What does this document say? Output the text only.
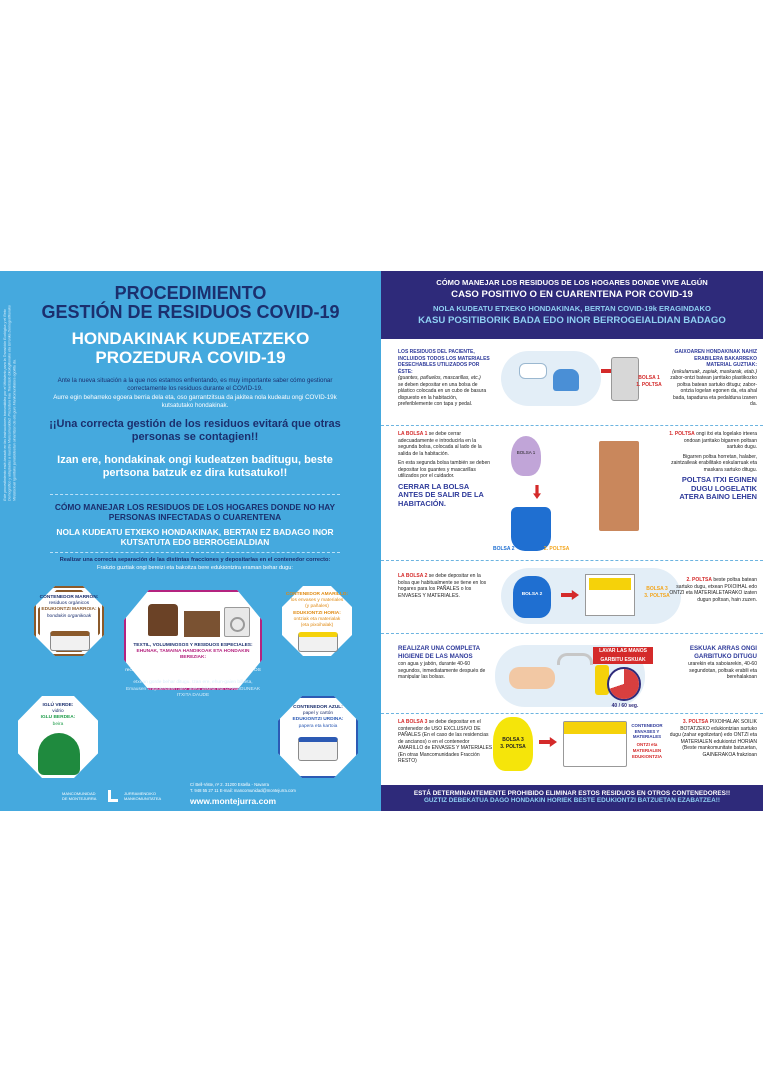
Este procedimiento está basado en las instrucciones transmitidas por el Ministerio para la Transición Ecológica y el Reto Demográfico y adaptadas a nuestra Mancomunidad. Prozedura hau Trantsizio Ekologikorako eta Erronka Demografikorako Ministerioak igorritako jarraibideetan oinarritzen da eta gure Mankomunitatera egokitu da.
PROCEDIMIENTO
GESTIÓN DE RESIDUOS COVID-19
HONDAKINAK KUDEATZEKO
PROZEDURA COVID-19
Ante la nueva situación a la que nos estamos enfrentando, es muy importante saber cómo gestionar correctamente los residuos durante el COVID-19.
Aurre egin beharreko egoera berria dela eta, oso garrantzitsua da jakitea nola kudeatu ongi COVID-19k kutsatutako hondakinak.
¡¡Una correcta gestión de los residuos evitará que otras personas se contagien!!
Izan ere, hondakinak ongi kudeatzen baditugu, beste pertsona batzuk ez dira kutsatuko!!
CÓMO MANEJAR LOS RESIDUOS DE LOS HOGARES DONDE NO HAY PERSONAS INFECTADAS O CUARENTENA
NOLA KUDEATU ETXEKO HONDAKINAK, BERTAN EZ BADAGO INOR KUTSATUTA EDO BERROGEIALDIAN
Realizar una correcta separación de las distintas fracciones y depositarlas en el contenedor correcto:
Frakzio guztiak ongi bereizi eta bakoitza bere edukiontzira eraman behar dugu:
CONTENEDOR MARRÓN:
residuos orgánicos
EDUKIONTZI MARROIA:
hondakin organikoak
TEXTIL, VOLUMINOSOS Y RESIDUOS ESPECIALES:
EHUNAK, TAMAINA HANDIKOAK ETA HONDAKIN BEREZIAK:
se deben almacenar en casa ya que la recogida de textil, la recogida Puerta a Puerta de Traperos de Emaús y los PUNTOS LIMPIOS PERMANECERÁN CERRADOS
etxean gorde behar ditugu. Izan ere, ehun-gaien bilketa, Emausen Trapuketarien atez ateko bilketa eta GARBIGUNEAK ITXITA DAUDE
CONTENEDOR AMARILLO:
los envases y materiales
(y pañales)
EDUKIONTZI HORIA:
ontziak eta materialak
(eta pixoihalak)
IGLÚ VERDE:
vidrio
IGLU BERDEA:
beira
CONTENEDOR AZUL:
papel y cartón
EDUKIONTZI URDINA:
papera eta kartoia
MANCOMUNIDAD DE MONTEJURRA
JURRAMENDIKO MANKOMUNITATEA
C/ Bell-Viste, nº 2. 31200 Estella - Navarra
T. 948 55 27 11 E-mail: mancomunidad@montejurra.com
www.montejurra.com
CÓMO MANEJAR LOS RESIDUOS DE LOS HOGARES DONDE VIVE ALGÚN
CASO POSITIVO O EN CUARENTENA POR COVID-19
NOLA KUDEATU ETXEKO HONDAKINAK, BERTAN COVID-19k ERAGINDAKO
KASU POSITIBORIK BADA EDO INOR BERROGEIALDIAN BADAGO
LOS RESIDUOS DEL PACIENTE, INCLUIDOS TODOS LOS MATERIALES DESECHABLES UTILIZADOS POR ÉSTE:
(guantes, pañuelos, mascarillas, etc.)
se deben depositar en una bolsa de plástico colocada en un cubo de basura dispuesto en la habitación, preferiblemente con tapa y pedal.
BOLSA 1
1. POLTSA
GAIXOAREN HONDAKINAK NAHIZ ERABILERA BAKARREKO MATERIAL GUZTIAK:
(eskularruak, zapiak, maskarak, etab.)
zabor-ontzi batean jarritako plastikozko poltsa batean sartuko ditugu; zabor-ontzia logelan egonen da, eta ahal bada, tapaduna eta pedalduna izanen da.
LA BOLSA 1 se debe cerrar adecuadamente e introducirla en la segunda bolsa, colocada al lado de la salida de la habitación.
En esta segunda bolsa también se deben depositar los guantes y mascarillas utilizados por el cuidador.
CERRAR LA BOLSA ANTES DE SALIR DE LA HABITACIÓN.
BOLSA 1
BOLSA 2	2. POLTSA
1. POLTSA ongi itxi eta logelako irteera ondoan jarritako bigarren poltsan sartuko dugu.
Bigarren poltsa horretan, halaber, zaintzaileak erabilitako eskularruak eta maskara sartuko ditugu.
POLTSA ITXI EGINEN DUGU LOGELATIK ATERA BAINO LEHEN
LA BOLSA 2 se debe depositar en la bolsa que habitualmente se tiene en los hogares para los PAÑALES o los ENVASES Y MATERIALES.	BOLSA 2
BOLSA 3
3. POLTSA
2. POLTSA beste poltsa batean sartuko dugu, etxean PIXOIHAL edo ONTZI eta MATERIALETARAKO izaten dugun poltsan, hain zuzen.
REALIZAR UNA COMPLETA HIGIENE DE LAS MANOS
con agua y jabón, durante 40-60 segundos, inmediatamente después de manipular las bolsas.
LAVAR LAS MANOS
GARBITU ESKUAK
40 / 60 seg.
ESKUAK ARRAS ONGI GARBITUKO DITUGU
urarekin eta xaboiarekin, 40-60 segundotan, poltsak erabili eta berehalakoan
LA BOLSA 3 se debe depositar en el contenedor de USO EXCLUSIVO DE PAÑALES (En el caso de las residencias de ancianos) o en el contenedor AMARILLO de ENVASES Y MATERIALES (En otras Mancomunidades Fracción RESTO)
BOLSA 3
3. POLTSA
CONTENEDOR ENVASES Y MATERIALES
ONTZI eta MATERIALEN EDUKIONTZIA
3. POLTSA PIXOIHALAK SOILIK BOTATZEKO edukiontzian sartuko dugu (zahar egoitzetan) edo ONTZI eta MATERIALEN edukiontzi HORIAN (Beste mankomunitate batzuetan, GAINERAKOA frakzioan
ESTÁ DETERMINANTEMENTE PROHIBIDO ELIMINAR ESTOS RESIDUOS EN OTROS CONTENEDORES!!
GUZTIZ DEBEKATUA DAGO HONDAKIN HORIEK BESTE EDUKIONTZI BATZUETAN EZABATZEA!!
